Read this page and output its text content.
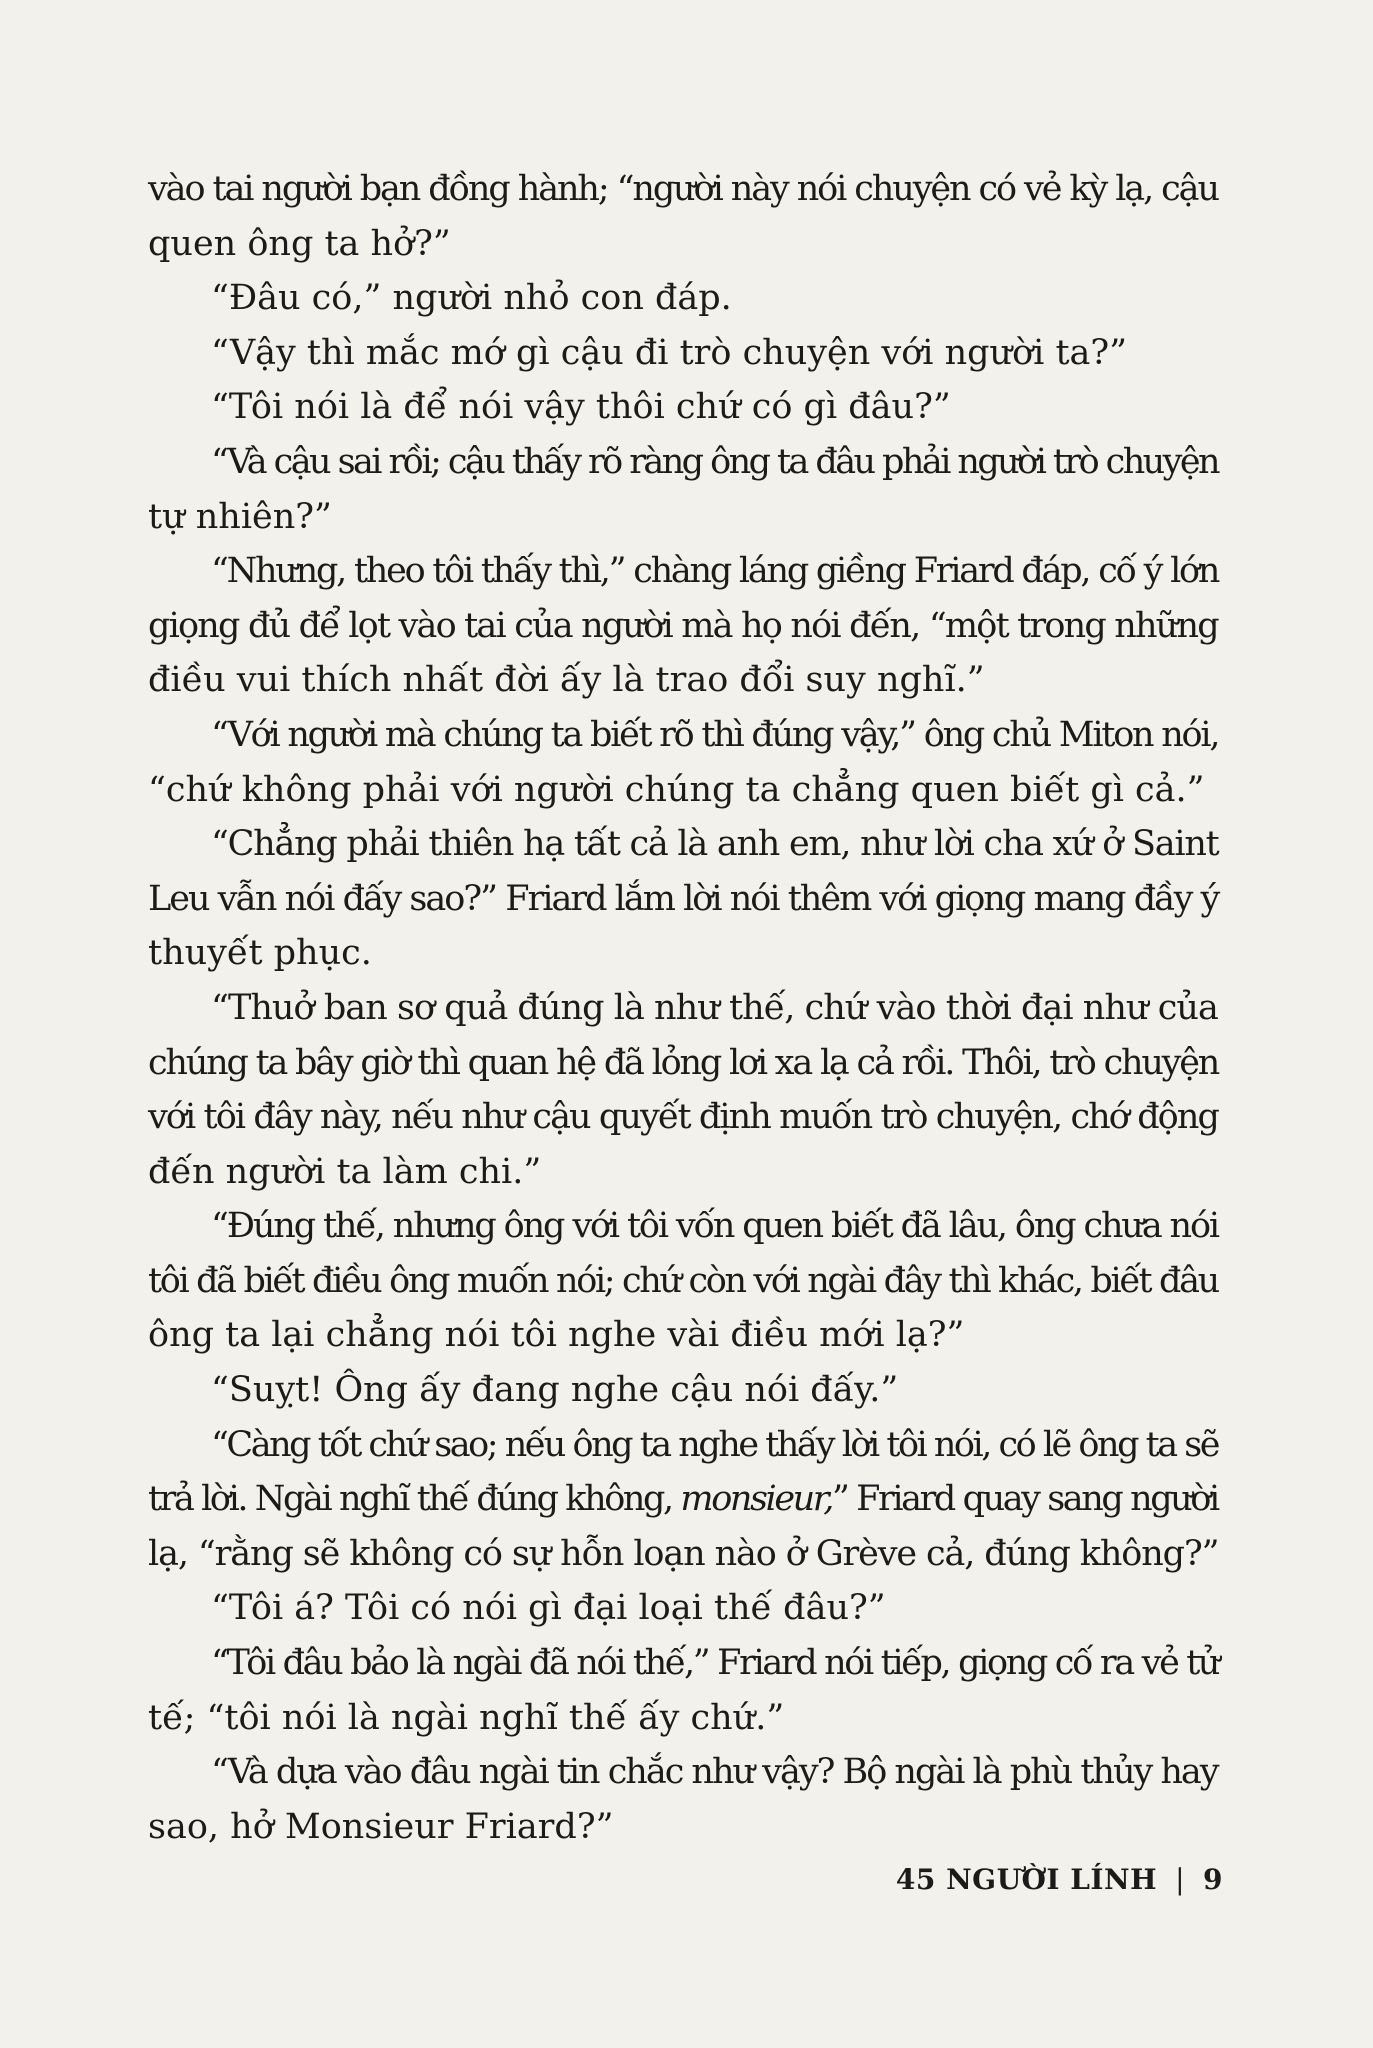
vào tai người bạn đồng hành; “người này nói chuyện có vẻ kỳ lạ, cậu
quen ông ta hở?”

“Đâu có,” người nhỏ con đáp.

“Vậy thì mắc mớ gì cậu đi trò chuyện với người ta?”

“Tôi nói là để nói vậy thôi chứ có gì đâu?”

“Và cậu sai rồi; cậu thấy rõ ràng ông ta đâu phải người trò chuyện
tự nhiên?”

“Nhưng, theo tôi thấy thì,” chàng láng giềng Friard đáp, cố ý lớn
giọng đủ để lọt vào tai của người mà họ nói đến, “một trong những
điều vui thích nhất đời ấy là trao đổi suy nghĩ.”

“Với người mà chúng ta biết rõ thì đúng vậy,” ông chủ Miton nói,
“chứ không phải với người chúng ta chẳng quen biết gì cả.”

“Chẳng phải thiên hạ tất cả là anh em, như lời cha xứ ở Saint
Leu vẫn nói đấy sao?” Friard lắm lời nói thêm với giọng mang đầy ý
thuyết phục.

“Thuở ban sơ quả đúng là như thế, chứ vào thời đại như của
chúng ta bây giờ thì quan hệ đã lỏng lơi xa lạ cả rồi. Thôi, trò chuyện
với tôi đây này, nếu như cậu quyết định muốn trò chuyện, chớ động
đến người ta làm chi.”

“Đúng thế, nhưng ông với tôi vốn quen biết đã lâu, ông chưa nói
tôi đã biết điều ông muốn nói; chứ còn với ngài đây thì khác, biết đâu
ông ta lại chẳng nói tôi nghe vài điều mới lạ?”

“Suỵt! Ông ấy đang nghe cậu nói đấy.”

“Càng tốt chứ sao; nếu ông ta nghe thấy lời tôi nói, có lẽ ông ta sẽ
trả lời. Ngài nghĩ thế đúng không, monsieur,” Friard quay sang người
lạ, “rằng sẽ không có sự hỗn loạn nào ở Grève cả, đúng không?”

“Tôi á? Tôi có nói gì đại loại thế đâu?”

“Tôi đâu bảo là ngài đã nói thế,” Friard nói tiếp, giọng cố ra vẻ tử
tế; “tôi nói là ngài nghĩ thế ấy chứ.”

“Và dựa vào đâu ngài tin chắc như vậy? Bộ ngài là phù thủy hay
sao, hở Monsieur Friard?”

45 NGƯỜI LÍNH | 9
